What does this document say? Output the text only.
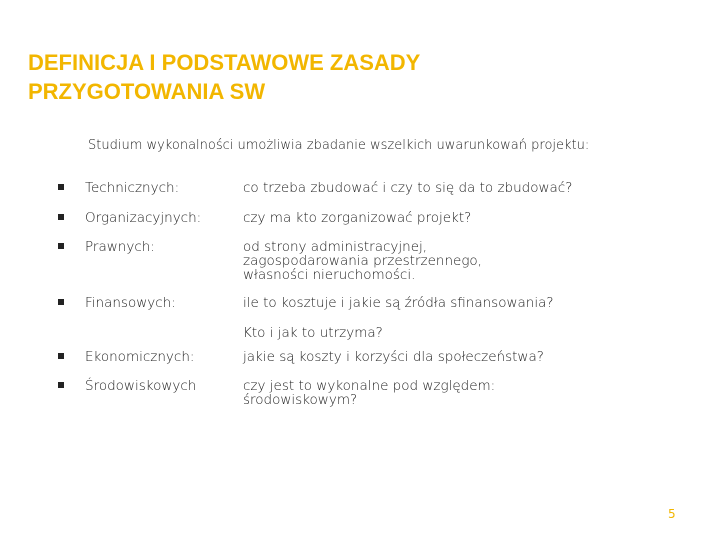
DEFINICJA I PODSTAWOWE ZASADY
PRZYGOTOWANIA SW
Studium wykonalności umożliwia zbadanie wszelkich uwarunkowań projektu:
Technicznych:	co trzeba zbudować i czy to się da to zbudować?
Organizacyjnych:	czy ma kto zorganizować projekt?
Prawnych:	od strony administracyjnej,
zagospodarowania przestrzennego,
własności nieruchomości.
Finansowych:	ile to kosztuje i jakie są źródła sfinansowania?
Kto i jak to utrzyma?
Ekonomicznych:	jakie są koszty i korzyści dla społeczeństwa?
Środowiskowych	czy jest to wykonalne pod względem:
środowiskowym?
5
